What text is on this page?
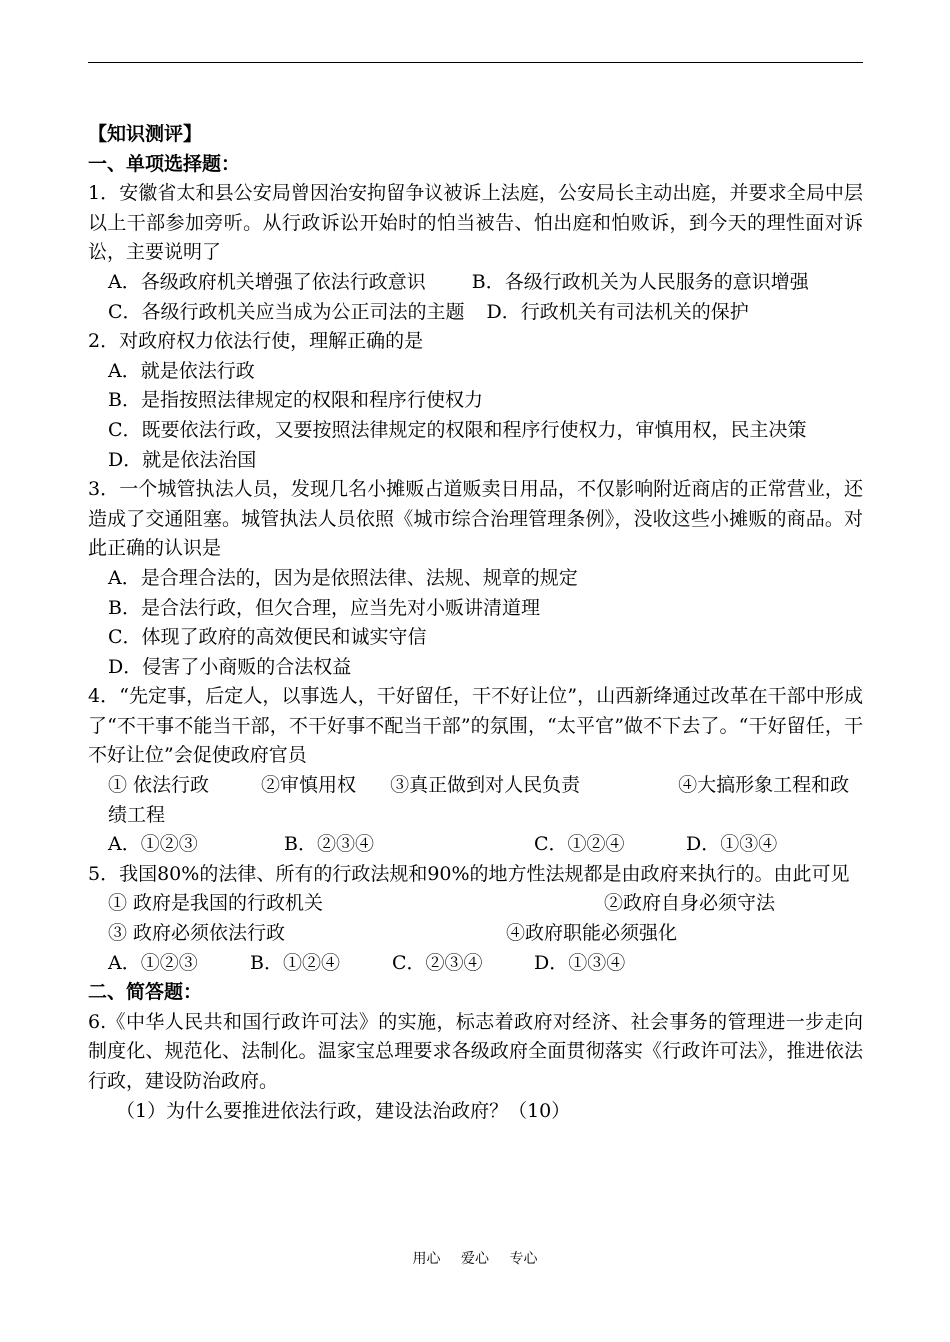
【知识测评】

一、单项选择题：

1．安徽省太和县公安局曾因治安拘留争议被诉上法庭，公安局长主动出庭，并要求全局中层以上干部参加旁听。从行政诉讼开始时的怕当被告、怕出庭和怕败诉，到今天的理性面对诉讼，主要说明了

A．各级政府机关增强了依法行政意识 B．各级行政机关为人民服务的意识增强

C．各级行政机关应当成为公正司法的主题 D．行政机关有司法机关的保护

2．对政府权力依法行使，理解正确的是

A．就是依法行政

B．是指按照法律规定的权限和程序行使权力

C．既要依法行政，又要按照法律规定的权限和程序行使权力，审慎用权，民主决策

D．就是依法治国

3．一个城管执法人员，发现几名小摊贩占道贩卖日用品，不仅影响附近商店的正常营业，还造成了交通阻塞。城管执法人员依照《城市综合治理管理条例》，没收这些小摊贩的商品。对此正确的认识是

A．是合理合法的，因为是依照法律、法规、规章的规定

B．是合法行政，但欠合理，应当先对小贩讲清道理

C．体现了政府的高效便民和诚实守信

D．侵害了小商贩的合法权益

4．“先定事，后定人，以事选人，干好留任，干不好让位”，山西新绛通过改革在干部中形成了“不干事不能当干部，不干好事不配当干部”的氛围，“太平官”做不下去了。“干好留任，干不好让位”会促使政府官员

① 依法行政	②审慎用权 ③真正做到对人民负责	④大搞形象工程和政绩工程

A．①②③	B．②③④	C．①②④	D．①③④

5．我国80%的法律、所有的行政法规和90%的地方性法规都是由政府来执行的。由此可见

① 政府是我国的行政机关	②政府自身必须守法

③ 政府必须依法行政	④政府职能必须强化

A．①②③	B．①②④	C．②③④	D．①③④

二、简答题：

6.《中华人民共和国行政许可法》的实施，标志着政府对经济、社会事务的管理进一步走向制度化、规范化、法制化。温家宝总理要求各级政府全面贯彻落实《行政许可法》，推进依法行政，建设防治政府。

（1）为什么要推进依法行政，建设法治政府？（10）

用心 爱心 专心
